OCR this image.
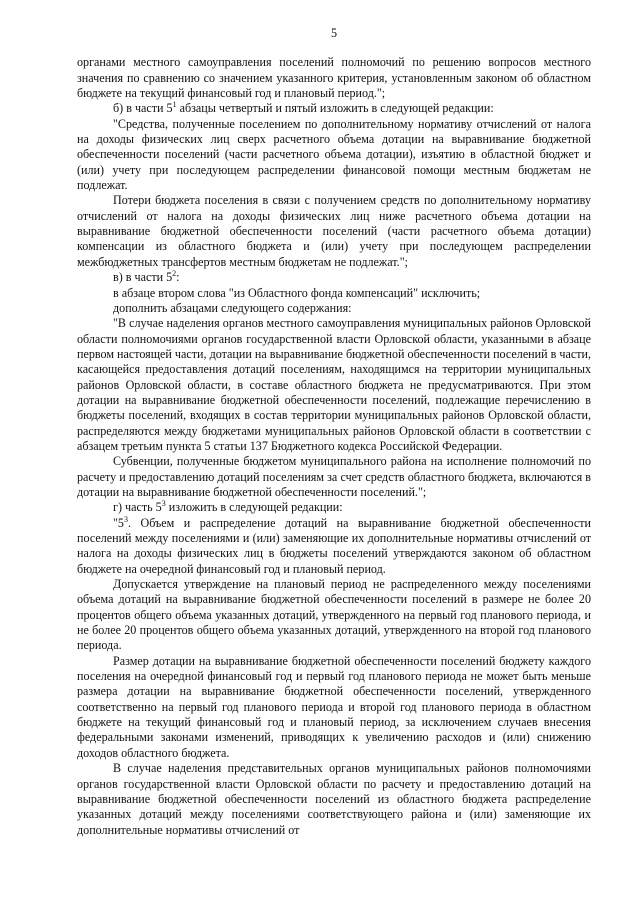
5

органами местного самоуправления поселений полномочий по решению вопросов местного значения по сравнению со значением указанного критерия, установленным законом об областном бюджете на текущий финансовый год и плановый период.";

б) в части $5^1$ абзацы четвертый и пятый изложить в следующей редакции:

"Средства, полученные поселением по дополнительному нормативу отчислений от налога на доходы физических лиц сверх расчетного объема дотации на выравнивание бюджетной обеспеченности поселений (части расчетного объема дотации), изъятию в областной бюджет и (или) учету при последующем распределении финансовой помощи местным бюджетам не подлежат.

Потери бюджета поселения в связи с получением средств по дополнительному нормативу отчислений от налога на доходы физических лиц ниже расчетного объема дотации на выравнивание бюджетной обеспеченности поселений (части расчетного объема дотации) компенсации из областного бюджета и (или) учету при последующем распределении межбюджетных трансфертов местным бюджетам не подлежат.";

в) в части $5^2$:

в абзаце втором слова "из Областного фонда компенсаций" исключить;

дополнить абзацами следующего содержания:

"В случае наделения органов местного самоуправления муниципальных районов Орловской области полномочиями органов государственной власти Орловской области, указанными в абзаце первом настоящей части, дотации на выравнивание бюджетной обеспеченности поселений в части, касающейся предоставления дотаций поселениям, находящимся на территории муниципальных районов Орловской области, в составе областного бюджета не предусматриваются. При этом дотации на выравнивание бюджетной обеспеченности поселений, подлежащие перечислению в бюджеты поселений, входящих в состав территории муниципальных районов Орловской области, распределяются между бюджетами муниципальных районов Орловской области в соответствии с абзацем третьим пункта 5 статьи 137 Бюджетного кодекса Российской Федерации.

Субвенции, полученные бюджетом муниципального района на исполнение полномочий по расчету и предоставлению дотаций поселениям за счет средств областного бюджета, включаются в дотации на выравнивание бюджетной обеспеченности поселений.";

г) часть $5^3$ изложить в следующей редакции:

"$5^3$. Объем и распределение дотаций на выравнивание бюджетной обеспеченности поселений между поселениями и (или) заменяющие их дополнительные нормативы отчислений от налога на доходы физических лиц в бюджеты поселений утверждаются законом об областном бюджете на очередной финансовый год и плановый период.

Допускается утверждение на плановый период не распределенного между поселениями объема дотаций на выравнивание бюджетной обеспеченности поселений в размере не более 20 процентов общего объема указанных дотаций, утвержденного на первый год планового периода, и не более 20 процентов общего объема указанных дотаций, утвержденного на второй год планового периода.

Размер дотации на выравнивание бюджетной обеспеченности поселений бюджету каждого поселения на очередной финансовый год и первый год планового периода не может быть меньше размера дотации на выравнивание бюджетной обеспеченности поселений, утвержденного соответственно на первый год планового периода и второй год планового периода в областном бюджете на текущий финансовый год и плановый период, за исключением случаев внесения федеральными законами изменений, приводящих к увеличению расходов и (или) снижению доходов областного бюджета.

В случае наделения представительных органов муниципальных районов полномочиями органов государственной власти Орловской области по расчету и предоставлению дотаций на выравнивание бюджетной обеспеченности поселений из областного бюджета распределение указанных дотаций между поселениями соответствующего района и (или) заменяющие их дополнительные нормативы отчислений от
